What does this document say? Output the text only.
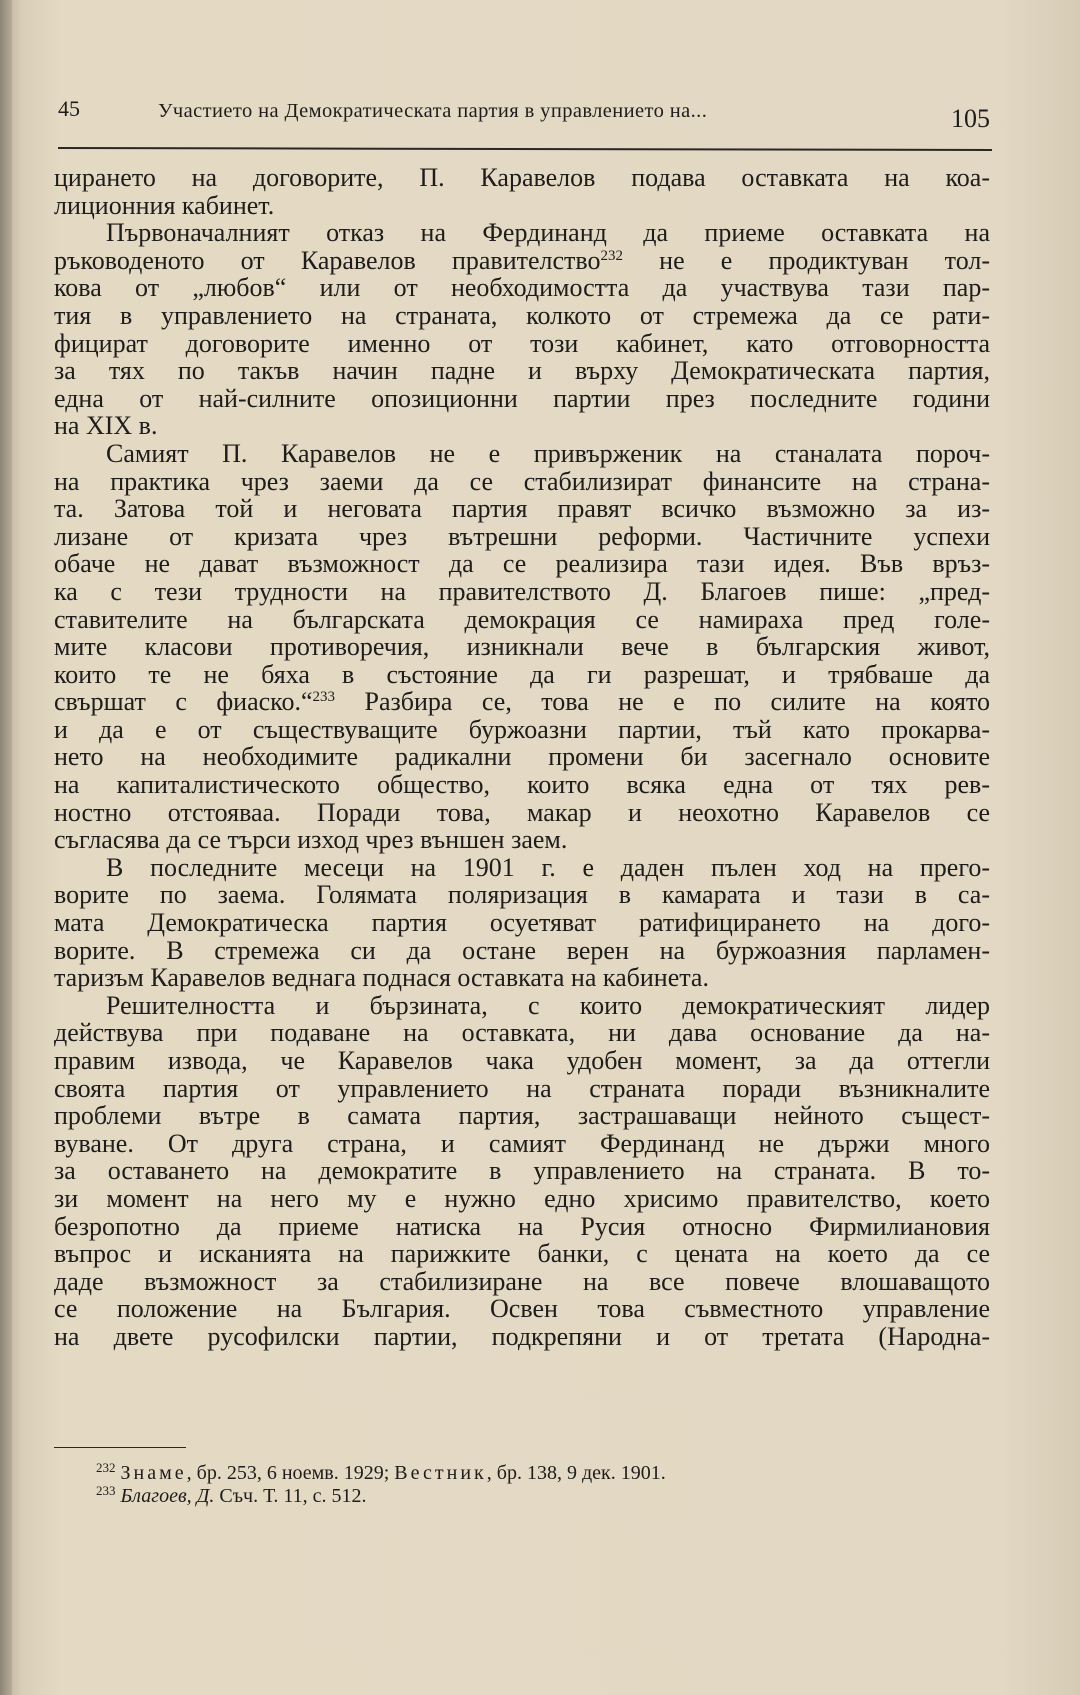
45	Участието на Демократическата партия в управлението на...	105
цирането на договорите, П. Каравелов подава оставката на коа-
лиционния кабинет.
Първоначалният отказ на Фердинанд да приеме оставката на
ръководеното от Каравелов правителство$^{232}$ не е продиктуван тол-
кова от „любов“ или от необходимостта да участвува тази пар-
тия в управлението на страната, колкото от стремежа да се рати-
фицират договорите именно от този кабинет, като отговорността
за тях по такъв начин падне и върху Демократическата партия,
една от най-силните опозиционни партии през последните години
на XIX в.
Самият П. Каравелов не е привърженик на станалата пороч-
на практика чрез заеми да се стабилизират финансите на страна-
та. Затова той и неговата партия правят всичко възможно за из-
лизане от кризата чрез вътрешни реформи. Частичните успехи
обаче не дават възможност да се реализира тази идея. Във връз-
ка с тези трудности на правителството Д. Благоев пише: „пред-
ставителите на българската демокрация се намираха пред голе-
мите класови противоречия, изникнали вече в българския живот,
които те не бяха в състояние да ги разрешат, и трябваше да
свършат с фиаско.“$^{233}$ Разбира се, това не е по силите на която
и да е от съществуващите буржоазни партии, тъй като прокарва-
нето на необходимите радикални промени би засегнало основите
на капиталистическото общество, които всяка една от тях рев-
ностно отстояваа. Поради това, макар и неохотно Каравелов се
съгласява да се търси изход чрез външен заем.
В последните месеци на 1901 г. е даден пълен ход на прего-
ворите по заема. Голямата поляризация в камарата и тази в са-
мата Демократическа партия осуетяват ратифицирането на дого-
ворите. В стремежа си да остане верен на буржоазния парламен-
таризъм Каравелов веднага поднася оставката на кабинета.
Решителността и бързината, с които демократическият лидер
действува при подаване на оставката, ни дава основание да на-
правим извода, че Каравелов чака удобен момент, за да оттегли
своята партия от управлението на страната поради възникналите
проблеми вътре в самата партия, застрашаващи нейното същест-
вуване. От друга страна, и самият Фердинанд не държи много
за оставането на демократите в управлението на страната. В то-
зи момент на него му е нужно едно хрисимо правителство, което
безропотно да приеме натиска на Русия относно Фирмилиановия
въпрос и исканията на парижките банки, с цената на което да се
даде възможност за стабилизиране на все повече влошаващото
се положение на България. Освен това съвместното управление
на двете русофилски партии, подкрепяни и от третата (Народна-
$^{232}$ Знаме, бр. 253, 6 ноемв. 1929; Вестник, бр. 138, 9 дек. 1901.
$^{233}$ Благоев, Д. Съч. Т. 11, с. 512.
